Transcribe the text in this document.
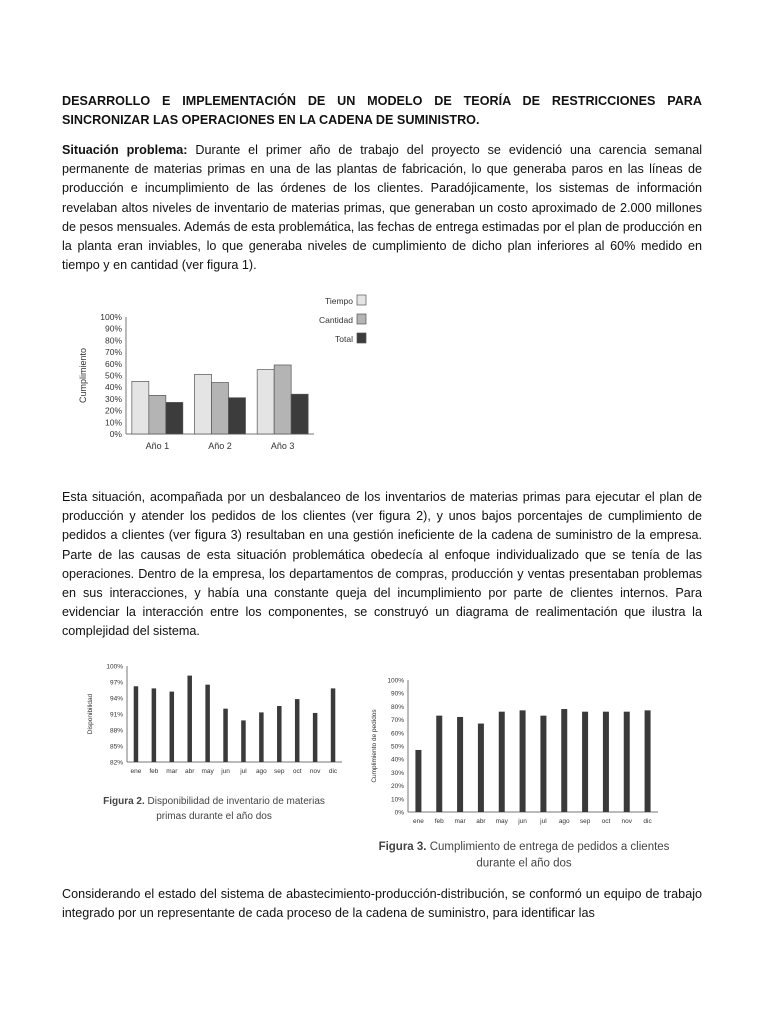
DESARROLLO E IMPLEMENTACIÓN DE UN MODELO DE TEORÍA DE RESTRICCIONES PARA SINCRONIZAR LAS OPERACIONES EN LA CADENA DE SUMINISTRO.

Situación problema: Durante el primer año de trabajo del proyecto se evidenció una carencia semanal permanente de materias primas en una de las plantas de fabricación, lo que generaba paros en las líneas de producción e incumplimiento de las órdenes de los clientes. Paradójicamente, los sistemas de información revelaban altos niveles de inventario de materias primas, que generaban un costo aproximado de 2.000 millones de pesos mensuales. Además de esta problemática, las fechas de entrega estimadas por el plan de producción en la planta eran inviables, lo que generaba niveles de cumplimiento de dicho plan inferiores al 60% medido en tiempo y en cantidad (ver figura 1).

0%
10%
20%
30%
40%
50%
60%
70%
80%
90%
100%
Cumplimiento
Año 1	Año 2	Año 3
Tiempo
Cantidad
Total

Esta situación, acompañada por un desbalanceo de los inventarios de materias primas para ejecutar el plan de producción y atender los pedidos de los clientes (ver figura 2), y unos bajos porcentajes de cumplimiento de pedidos a clientes (ver figura 3) resultaban en una gestión ineficiente de la cadena de suministro de la empresa. Parte de las causas de esta situación problemática obedecía al enfoque individualizado que se tenía de las operaciones. Dentro de la empresa, los departamentos de compras, producción y ventas presentaban problemas en sus interacciones, y había una constante queja del incumplimiento por parte de clientes internos. Para evidenciar la interacción entre los componentes, se construyó un diagrama de realimentación que ilustra la complejidad del sistema.

82%
85%
88%
91%
94%
97%
100%
Disponibilidad
ene feb mar abr may jun jul ago sep oct nov dic
Figura 2. Disponibilidad de inventario de materias primas durante el año dos	0%
10%
20%
30%
40%
50%
60%
70%
80%
90%
100%
Cumplimiento de pedidos
ene feb mar abr may jun jul ago sep oct nov dic
Figura 3. Cumplimiento de entrega de pedidos a clientes durante el año dos

Considerando el estado del sistema de abastecimiento-producción-distribución, se conformó un equipo de trabajo integrado por un representante de cada proceso de la cadena de suministro, para identificar las
